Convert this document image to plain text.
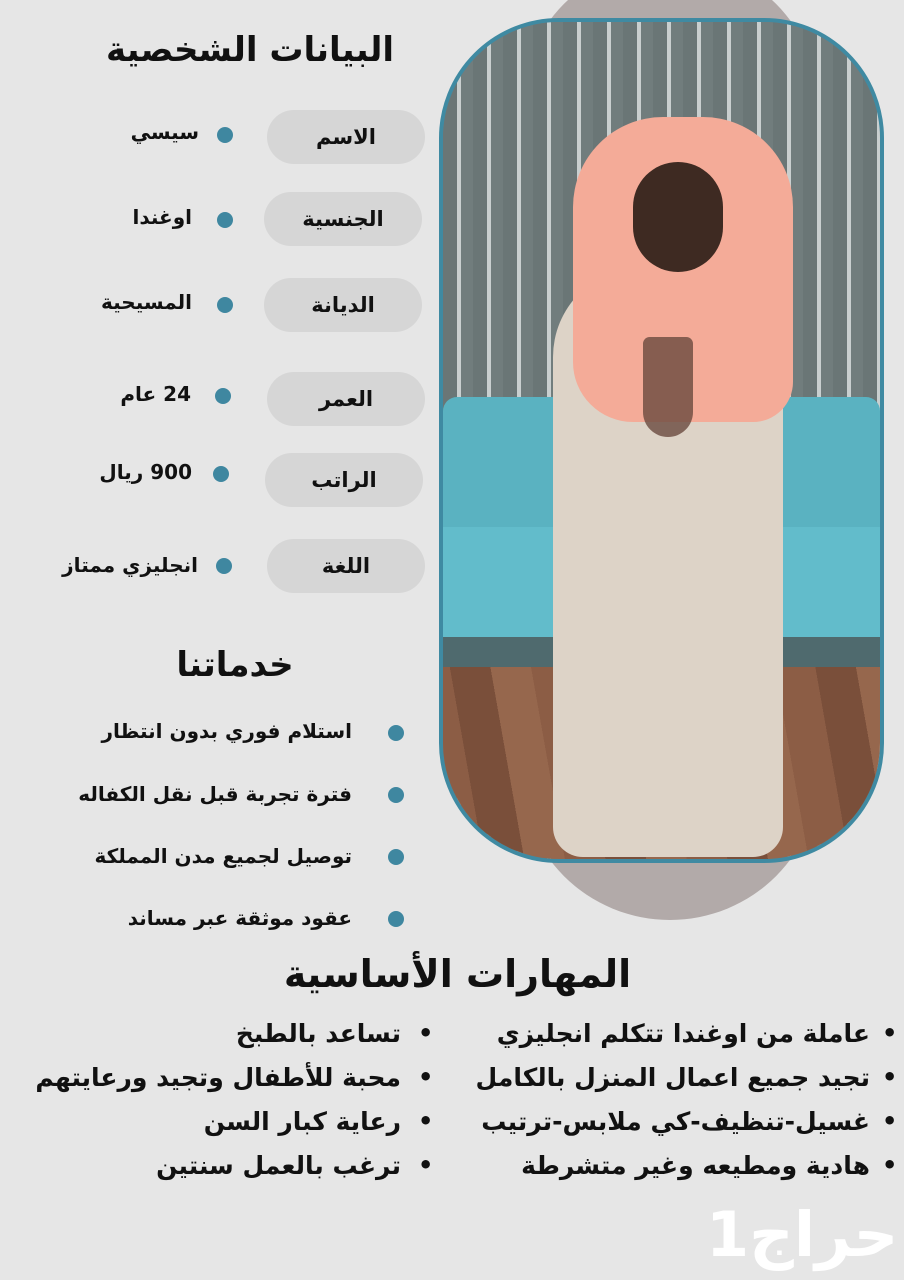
البيانات الشخصية
الاسم
سيسي
الجنسية
اوغندا
الديانة
المسيحية
العمر
24 عام
الراتب
900 ريال
اللغة
انجليزي ممتاز
خدماتنا
استلام فوري بدون انتظار
فترة تجربة قبل نقل الكفاله
توصيل لجميع مدن المملكة
عقود موثقة عبر مساند
المهارات الأساسية
•
عاملة من اوغندا تتكلم انجليزي
•
تجيد جميع اعمال المنزل بالكامل
•
غسيل-تنظيف-كي ملابس-ترتيب
•
هادية ومطيعه وغير متشرطة
•
تساعد بالطبخ
•
محبة للأطفال وتجيد ورعايتهم
•
رعاية كبار السن
•
ترغب بالعمل سنتين
حراج1
